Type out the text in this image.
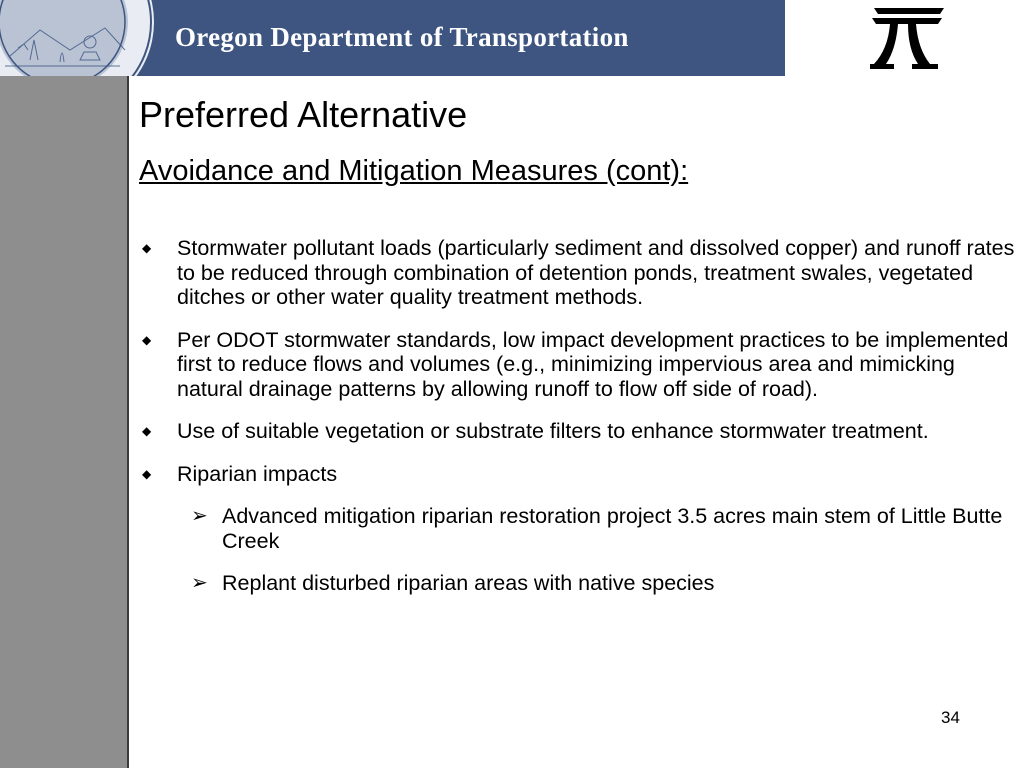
Oregon Department of Transportation
Preferred Alternative
Avoidance and Mitigation Measures (cont):
◆ Stormwater pollutant loads (particularly sediment and dissolved copper) and runoff rates to be reduced through combination of detention ponds, treatment swales, vegetated ditches or other water quality treatment methods.
◆ Per ODOT stormwater standards, low impact development practices to be implemented first to reduce flows and volumes (e.g., minimizing impervious area and mimicking natural drainage patterns by allowing runoff to flow off side of road).
◆ Use of suitable vegetation or substrate filters to enhance stormwater treatment.
◆ Riparian impacts
➢ Advanced mitigation riparian restoration project 3.5 acres main stem of Little Butte Creek
➢ Replant disturbed riparian areas with native species
34
